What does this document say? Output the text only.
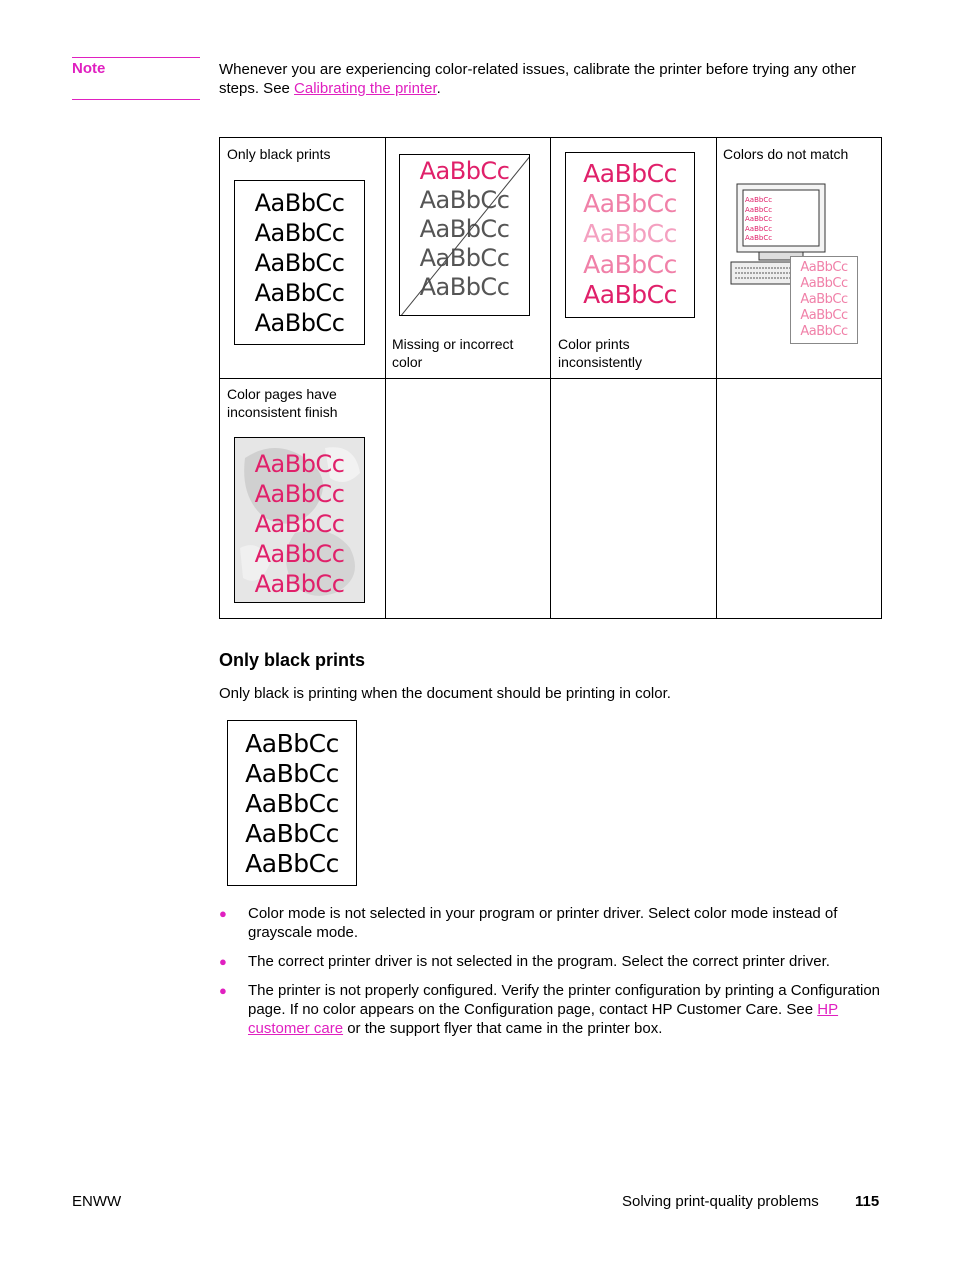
Note	Whenever you are experiencing color-related issues, calibrate the printer before trying any other steps. See Calibrating the printer.
Only black prints
AaBbCc
AaBbCc
AaBbCc
AaBbCc
AaBbCc
AaBbCc
AaBbCc
AaBbCc
AaBbCc
AaBbCc
Missing or incorrect color
AaBbCc
AaBbCc
AaBbCc
AaBbCc
AaBbCc
Color prints inconsistently
Colors do not match
AaBbCc
AaBbCc
AaBbCc
AaBbCc
AaBbCc
AaBbCc
AaBbCc
AaBbCc
AaBbCc
AaBbCc
Color pages have inconsistent finish
AaBbCc
AaBbCc
AaBbCc
AaBbCc
AaBbCc
Only black prints
Only black is printing when the document should be printing in color.
AaBbCc
AaBbCc
AaBbCc
AaBbCc
AaBbCc
● Color mode is not selected in your program or printer driver. Select color mode instead of grayscale mode.
● The correct printer driver is not selected in the program. Select the correct printer driver.
● The printer is not properly configured. Verify the printer configuration by printing a Configuration page. If no color appears on the Configuration page, contact HP Customer Care. See HP customer care or the support flyer that came in the printer box.
ENWW	Solving print-quality problems 115
